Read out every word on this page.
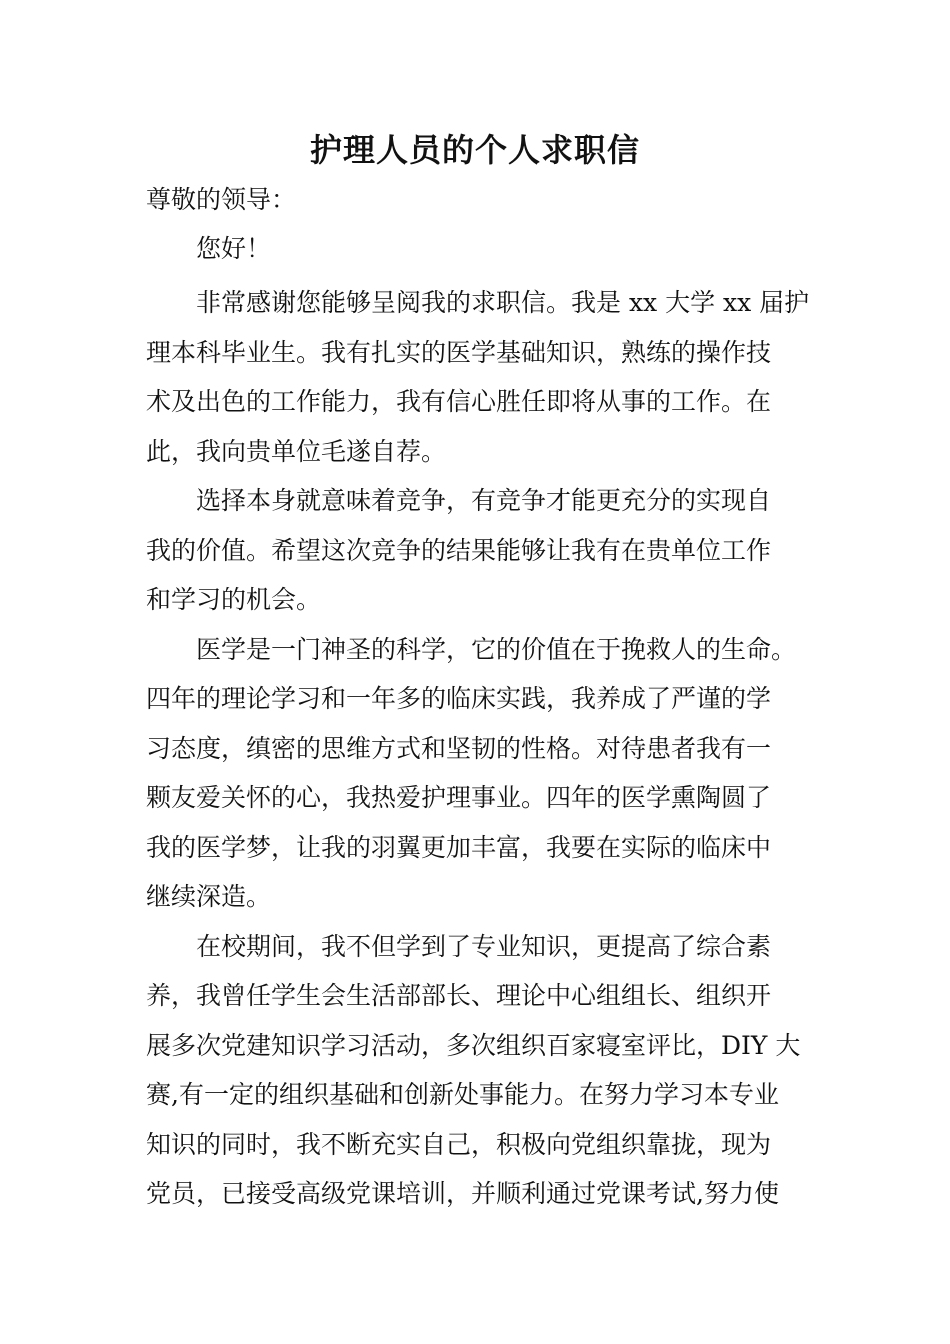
护理人员的个人求职信
尊敬的领导：
您好！
非常感谢您能够呈阅我的求职信。我是 xx 大学 xx 届护
理本科毕业生。我有扎实的医学基础知识，熟练的操作技
术及出色的工作能力，我有信心胜任即将从事的工作。在
此，我向贵单位毛遂自荐。
选择本身就意味着竞争，有竞争才能更充分的实现自
我的价值。希望这次竞争的结果能够让我有在贵单位工作
和学习的机会。
医学是一门神圣的科学，它的价值在于挽救人的生命。
四年的理论学习和一年多的临床实践，我养成了严谨的学
习态度，缜密的思维方式和坚韧的性格。对待患者我有一
颗友爱关怀的心，我热爱护理事业。四年的医学熏陶圆了
我的医学梦，让我的羽翼更加丰富，我要在实际的临床中
继续深造。
在校期间，我不但学到了专业知识，更提高了综合素
养，我曾任学生会生活部部长、理论中心组组长、组织开
展多次党建知识学习活动，多次组织百家寝室评比，DIY 大
赛,有一定的组织基础和创新处事能力。在努力学习本专业
知识的同时，我不断充实自己，积极向党组织靠拢，现为
党员，已接受高级党课培训，并顺利通过党课考试,努力使
